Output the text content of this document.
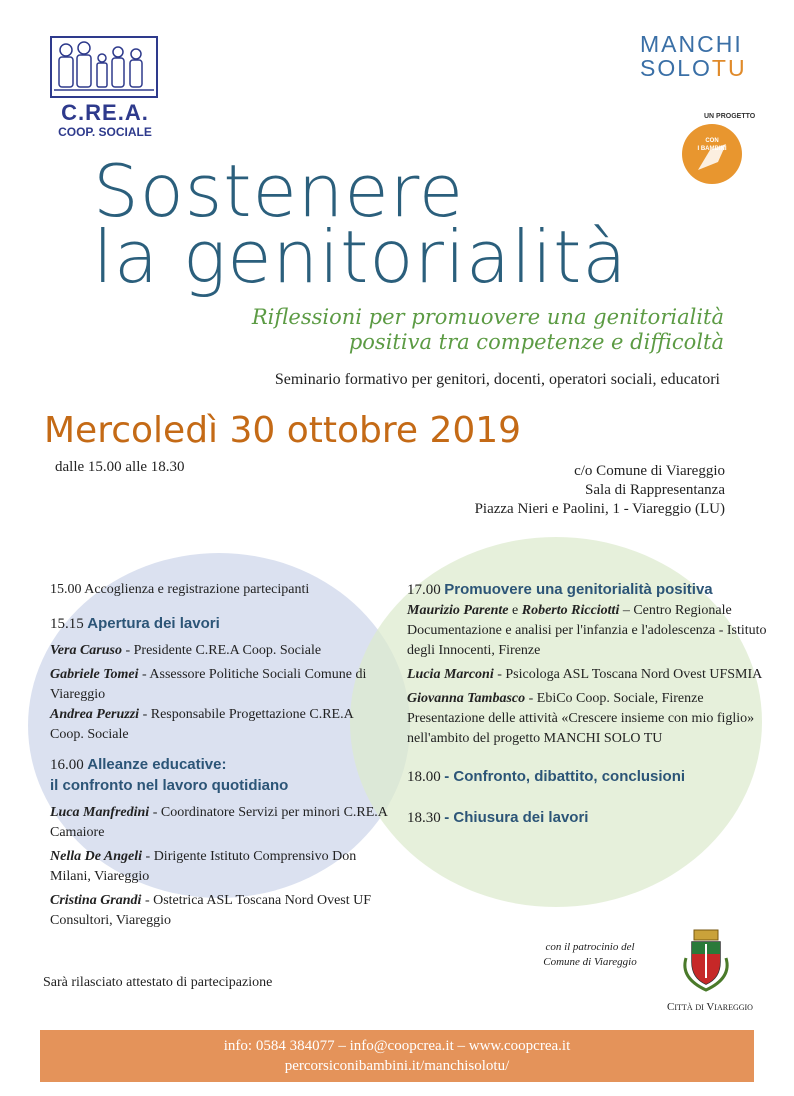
C.RE.A.
COOP. SOCIALE
MANCHI
SOLOTU
UN PROGETTO
CON
I BAMBINI
Sostenere
la genitorialità
Riflessioni per promuovere una genitorialità
positiva tra competenze e difficoltà
Seminario formativo per genitori, docenti, operatori sociali, educatori
Mercoledì 30 ottobre 2019
dalle 15.00 alle 18.30	c/o Comune di Viareggio
Sala di Rappresentanza
Piazza Nieri e Paolini, 1 - Viareggio (LU)
15.00 Accoglienza e registrazione partecipanti
15.15 Apertura dei lavori
Vera Caruso - Presidente C.RE.A Coop. Sociale
Gabriele Tomei - Assessore Politiche Sociali Comune di Viareggio
Andrea Peruzzi - Responsabile Progettazione C.RE.A Coop. Sociale
16.00 Alleanze educative:
il confronto nel lavoro quotidiano
Luca Manfredini - Coordinatore Servizi per minori C.RE.A Camaiore
Nella De Angeli - Dirigente Istituto Comprensivo Don Milani, Viareggio
Cristina Grandi - Ostetrica ASL Toscana Nord Ovest UF Consultori, Viareggio
17.00 Promuovere una genitorialità positiva
Maurizio Parente e Roberto Ricciotti – Centro Regionale Documentazione e analisi per l'infanzia e l'adolescenza - Istituto degli Innocenti, Firenze
Lucia Marconi - Psicologa ASL Toscana Nord Ovest UFSMIA
Giovanna Tambasco - EbiCo Coop. Sociale, Firenze Presentazione delle attività «Crescere insieme con mio figlio» nell'ambito del progetto MANCHI SOLO TU
18.00 - Confronto, dibattito, conclusioni
18.30 - Chiusura dei lavori
Sarà rilasciato attestato di partecipazione
con il patrocinio del
Comune di Viareggio
Città di Viareggio
info: 0584 384077 – info@coopcrea.it – www.coopcrea.it
percorsiconibambini.it/manchisolotu/
